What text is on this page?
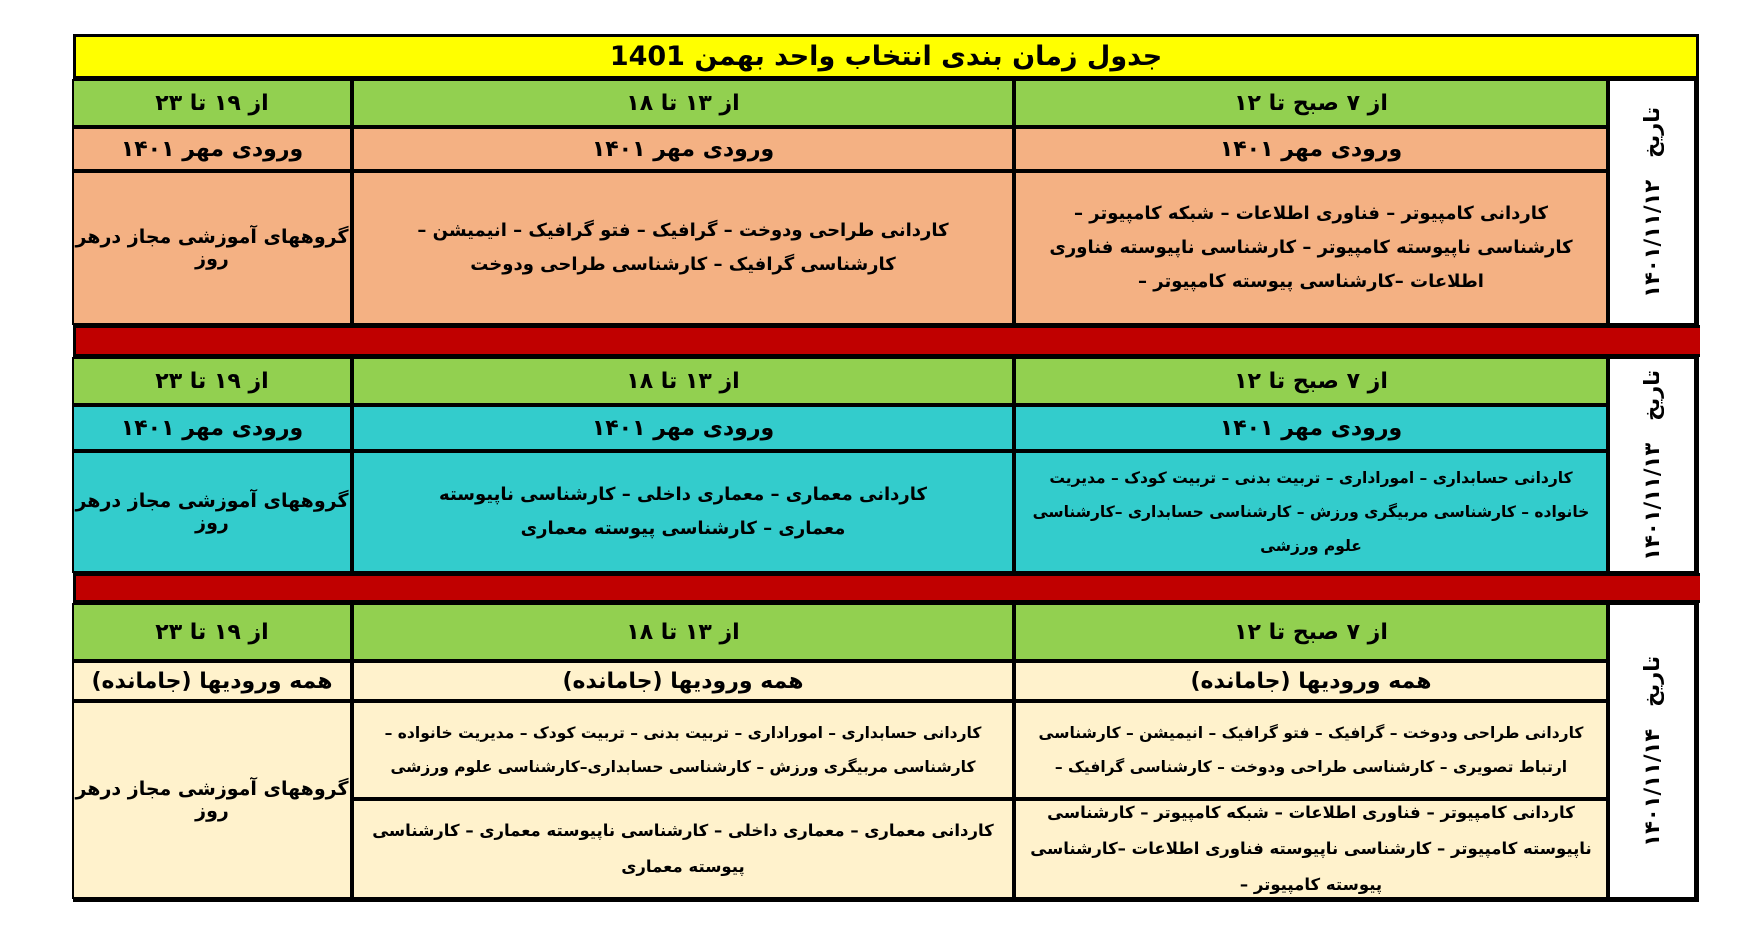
جدول زمان بندی انتخاب واحد بهمن 1401
تاریخ   ۱۴۰۱/۱۱/۱۲
از ۷ صبح تا ۱۲
از ۱۳ تا ۱۸
از ۱۹ تا ۲۳
ورودی مهر ۱۴۰۱
ورودی مهر ۱۴۰۱
ورودی مهر ۱۴۰۱
کاردانی کامپیوتر – فناوری اطلاعات – شبکه کامپیوتر – کارشناسی ناپیوسته کامپیوتر – کارشناسی ناپیوسته فناوری اطلاعات –کارشناسی پیوسته کامپیوتر –
کاردانی طراحی ودوخت – گرافیک – فتو گرافیک – انیمیشن – کارشناسی گرافیک – کارشناسی طراحی ودوخت
گروههای آموزشی مجاز درهر روز
تاریخ   ۱۴۰۱/۱۱/۱۳
از ۷ صبح تا ۱۲
از ۱۳ تا ۱۸
از ۱۹ تا ۲۳
ورودی مهر ۱۴۰۱
ورودی مهر ۱۴۰۱
ورودی مهر ۱۴۰۱
کاردانی حسابداری – اموراداری – تربیت بدنی – تربیت کودک – مدیریت خانواده – کارشناسی مربیگری ورزش – کارشناسی حسابداری –کارشناسی علوم ورزشی
کاردانی معماری – معماری داخلی – کارشناسی ناپیوسته معماری – کارشناسی پیوسته معماری
گروههای آموزشی مجاز درهر روز
تاریخ   ۱۴۰۱/۱۱/۱۴
از ۷ صبح تا ۱۲
از ۱۳ تا ۱۸
از ۱۹ تا ۲۳
همه ورودیها (جامانده)
همه ورودیها (جامانده)
همه ورودیها (جامانده)
کاردانی طراحی ودوخت – گرافیک – فتو گرافیک – انیمیشن – کارشناسی ارتباط تصویری – کارشناسی طراحی ودوخت – کارشناسی گرافیک –
کاردانی کامپیوتر – فناوری اطلاعات – شبکه کامپیوتر – کارشناسی ناپیوسته کامپیوتر – کارشناسی ناپیوسته فناوری اطلاعات –کارشناسی پیوسته کامپیوتر –
کاردانی حسابداری – اموراداری – تربیت بدنی – تربیت کودک – مدیریت خانواده – کارشناسی مربیگری ورزش – کارشناسی حسابداری–کارشناسی علوم ورزشی
کاردانی معماری – معماری داخلی – کارشناسی ناپیوسته معماری – کارشناسی پیوسته معماری
گروههای آموزشی مجاز درهر روز
